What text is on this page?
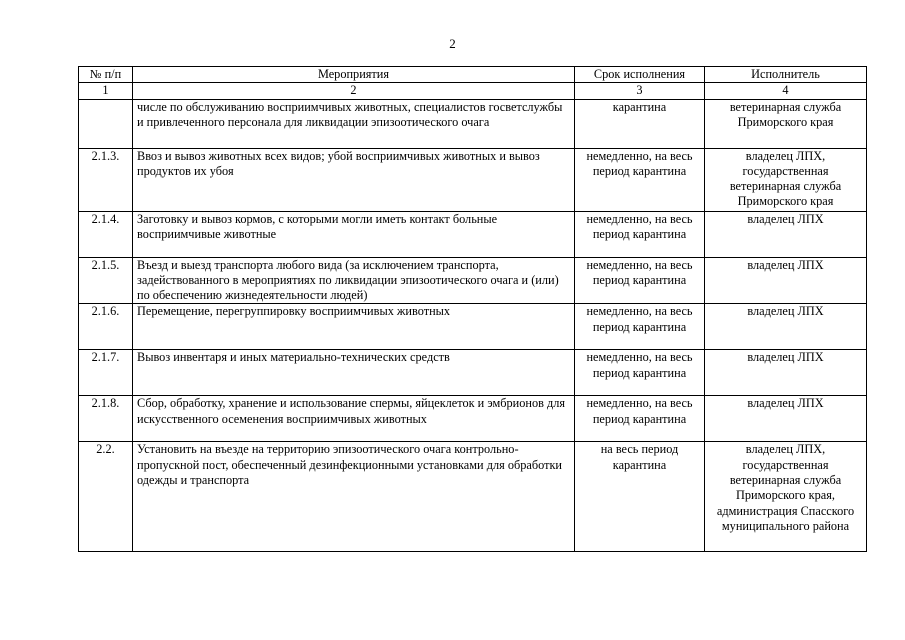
2
№ п/п	Мероприятия	Срок исполнения	Исполнитель
1	2	3	4
	числе по обслуживанию восприимчивых животных, специалистов госветслужбы и привлеченного персонала для ликвидации эпизоотического очага	карантина	ветеринарная служба Приморского края
2.1.3.	Ввоз и вывоз животных всех видов; убой восприимчивых животных и вывоз продуктов их убоя	немедленно, на весь период карантина	владелец ЛПХ, государственная ветеринарная служба Приморского края
2.1.4.	Заготовку и вывоз кормов, с которыми могли иметь контакт больные восприимчивые животные	немедленно, на весь период карантина	владелец ЛПХ
2.1.5.	Въезд и выезд транспорта любого вида (за исключением транспорта, задействованного в мероприятиях по ликвидации эпизоотического очага и (или) по обеспечению жизнедеятельности людей)	немедленно, на весь период карантина	владелец ЛПХ
2.1.6.	Перемещение, перегруппировку восприимчивых животных	немедленно, на весь период карантина	владелец ЛПХ
2.1.7.	Вывоз инвентаря и иных материально-технических средств	немедленно, на весь период карантина	владелец ЛПХ
2.1.8.	Сбор, обработку, хранение и использование спермы, яйцеклеток и эмбрионов для искусственного осеменения восприимчивых животных	немедленно, на весь период карантина	владелец ЛПХ
2.2.	Установить на въезде на территорию эпизоотического очага контрольно-пропускной пост, обеспеченный дезинфекционными установками для обработки одежды и транспорта	на весь период карантина	владелец ЛПХ, государственная ветеринарная служба Приморского края, администрация Спасского муниципального района
